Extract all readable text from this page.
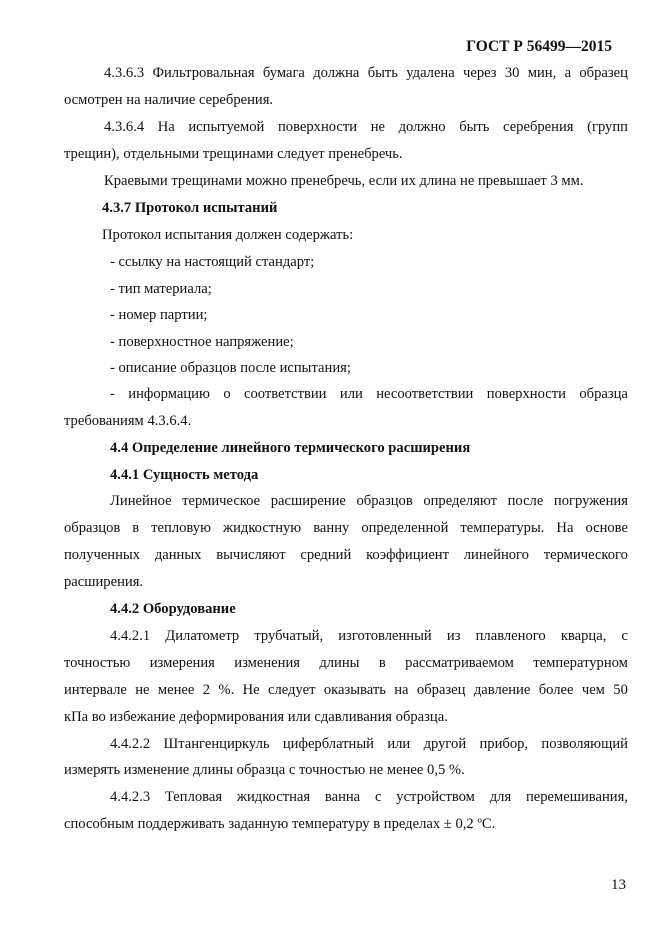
ГОСТ Р 56499—2015
4.3.6.3 Фильтровальная бумага должна быть удалена через 30 мин, а образец
осмотрен на наличие серебрения.
4.3.6.4 На испытуемой поверхности не должно быть серебрения (групп
трещин), отдельными трещинами следует пренебречь.
Краевыми трещинами можно пренебречь, если их длина не превышает 3 мм.
4.3.7 Протокол испытаний
Протокол испытания должен содержать:
- ссылку на настоящий стандарт;
- тип материала;
- номер партии;
- поверхностное напряжение;
- описание образцов после испытания;
- информацию о соответствии или несоответствии поверхности образца
требованиям 4.3.6.4.
4.4 Определение линейного термического расширения
4.4.1 Сущность метода
Линейное термическое расширение образцов определяют после погружения
образцов в тепловую жидкостную ванну определенной температуры. На основе
полученных данных вычисляют средний коэффициент линейного термического
расширения.
4.4.2 Оборудование
4.4.2.1 Дилатометр трубчатый, изготовленный из плавленого кварца, с
точностью измерения изменения длины в рассматриваемом температурном
интервале не менее 2 %. Не следует оказывать на образец давление более чем 50
кПа во избежание деформирования или сдавливания образца.
4.4.2.2 Штангенциркуль циферблатный или другой прибор, позволяющий
измерять изменение длины образца с точностью не менее 0,5 %.
4.4.2.3 Тепловая жидкостная ванна с устройством для перемешивания,
способным поддерживать заданную температуру в пределах ± 0,2 ºС.
13
